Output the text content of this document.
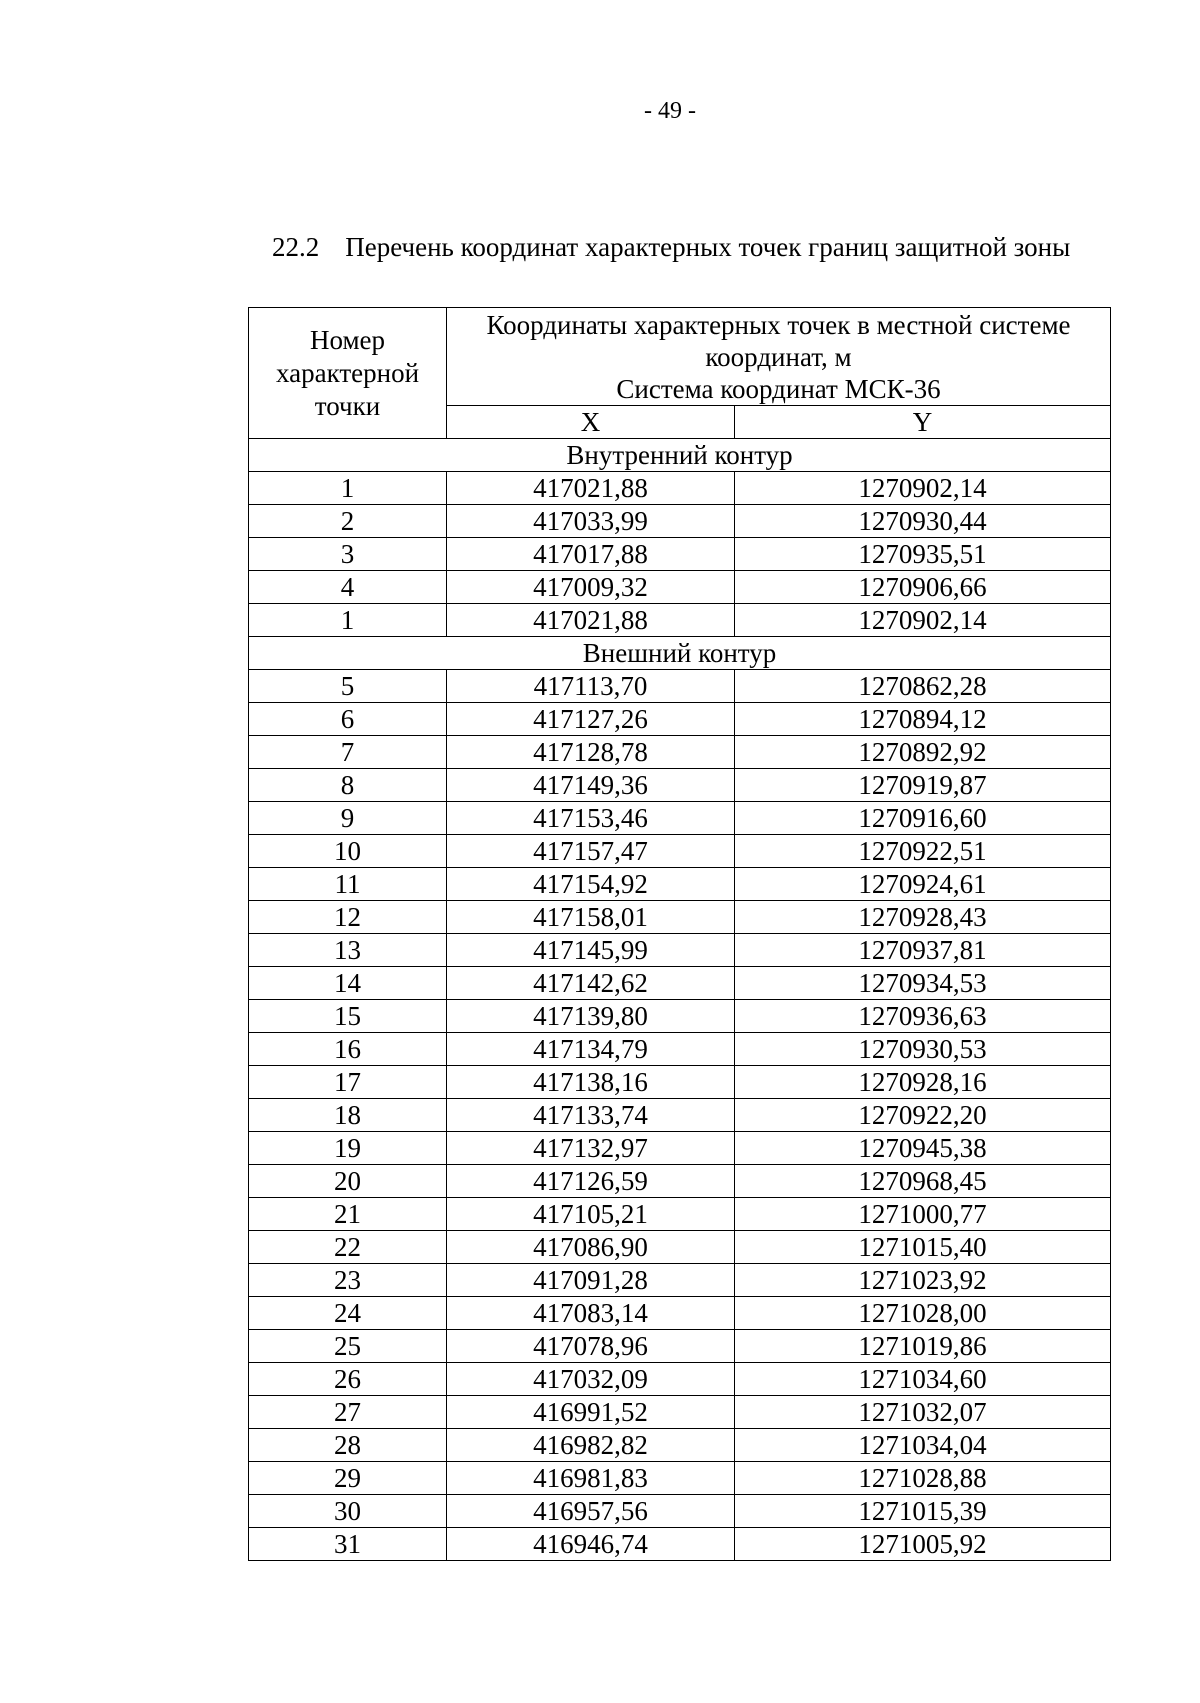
- 49 -
22.2 Перечень координат характерных точек границ защитной зоны
Номер характерной точки	Координаты характерных точек в местной системе координат, м
Система координат МСК-36	

	X	Y
Внутренний контур		
1	417021,88	1270902,14
2	417033,99	1270930,44
3	417017,88	1270935,51
4	417009,32	1270906,66
1	417021,88	1270902,14
Внешний контур		
5	417113,70	1270862,28
6	417127,26	1270894,12
7	417128,78	1270892,92
8	417149,36	1270919,87
9	417153,46	1270916,60
10	417157,47	1270922,51
11	417154,92	1270924,61
12	417158,01	1270928,43
13	417145,99	1270937,81
14	417142,62	1270934,53
15	417139,80	1270936,63
16	417134,79	1270930,53
17	417138,16	1270928,16
18	417133,74	1270922,20
19	417132,97	1270945,38
20	417126,59	1270968,45
21	417105,21	1271000,77
22	417086,90	1271015,40
23	417091,28	1271023,92
24	417083,14	1271028,00
25	417078,96	1271019,86
26	417032,09	1271034,60
27	416991,52	1271032,07
28	416982,82	1271034,04
29	416981,83	1271028,88
30	416957,56	1271015,39
31	416946,74	1271005,92
